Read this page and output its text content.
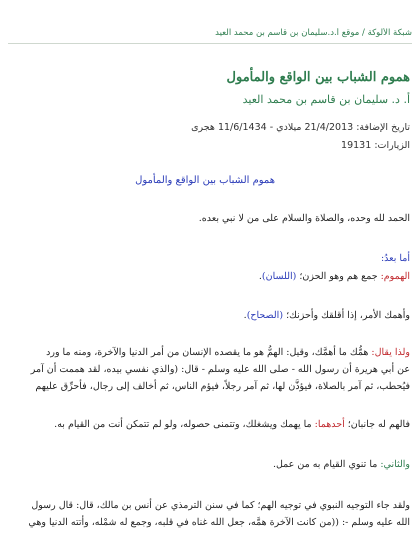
شبكة الألوكة / موقع أ.د.سليمان بن قاسم بن محمد العيد
هموم الشباب بين الواقع والمأمول
أ. د. سليمان بن قاسم بن محمد العيد
تاريخ الإضافة: 21/4/2013 ميلادي - 11/6/1434 هجرى
الزيارات: 19131
هموم الشباب بين الواقع والمأمول
الحمد لله وحده، والصلاة والسلام على من لا نبي بعده.
أما بعدُ:
الهموم: جمع هم وهو الحزن؛ (اللسان).
وأهمك الأمر، إذا أقلقك وأحزنك؛ (الصحاح).
ولذا يقال: همُّك ما أهمَّك، وقيل: الهمُّ هو ما يقصده الإنسان من أمر الدنيا والآخرة، ومنه ما ورد
عن أبي هريرة أن رسول الله - صلى الله عليه وسلم - قال: (والذي نفسي بيده، لقد هممت أن آمر
فيُحطب، ثم آمر بالصلاة، فيؤذَّن لها، ثم آمر رجلاً، فيؤم الناس، ثم أخالف إلى رجال، فأحرِّق عليهم
فالهم له جانبان؛ أحدهما: ما يهمك ويشغلك، وتتمنى حصوله، ولو لم تتمكن أنت من القيام به.
والثاني: ما تنوي القيام به من عمل.
ولقد جاء التوجيه النبوي في توجيه الهم؛ كما في سنن الترمذي عن أنس بن مالك، قال: قال رسول
الله عليه وسلم -: ((من كانت الآخرة همَّه، جعل الله غناه في قلبه، وجمع له شمْله، وأتته الدنيا وهي
